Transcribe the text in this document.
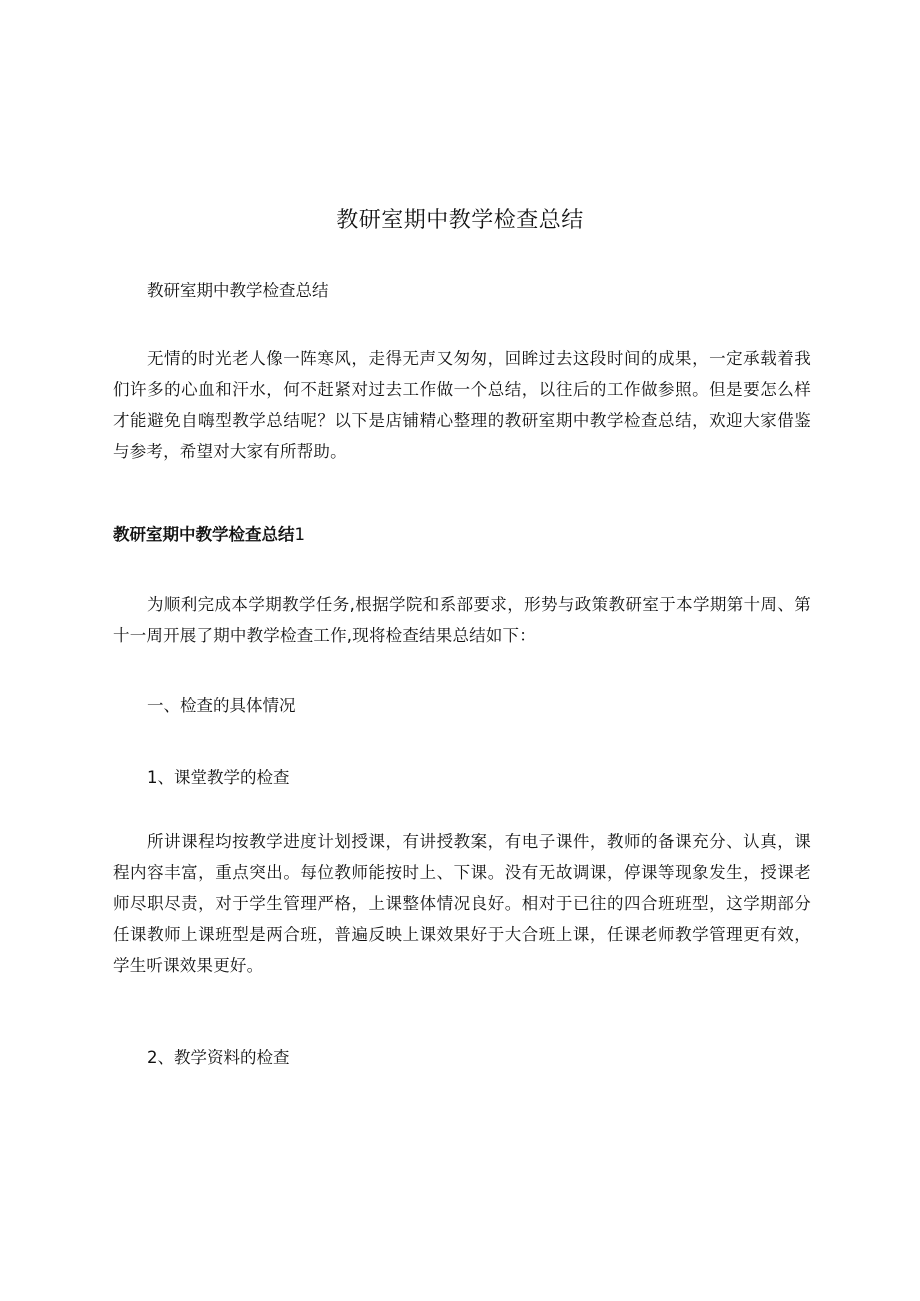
教研室期中教学检查总结

教研室期中教学检查总结

无情的时光老人像一阵寒风，走得无声又匆匆，回眸过去这段时间的成果，一定承载着我们许多的心血和汗水，何不赶紧对过去工作做一个总结，以往后的工作做参照。但是要怎么样才能避免自嗨型教学总结呢？以下是店铺精心整理的教研室期中教学检查总结，欢迎大家借鉴与参考，希望对大家有所帮助。

教研室期中教学检查总结1

为顺利完成本学期教学任务,根据学院和系部要求，形势与政策教研室于本学期第十周、第十一周开展了期中教学检查工作,现将检查结果总结如下：

一、检查的具体情况

1、课堂教学的检查

所讲课程均按教学进度计划授课，有讲授教案，有电子课件，教师的备课充分、认真，课程内容丰富，重点突出。每位教师能按时上、下课。没有无故调课，停课等现象发生，授课老师尽职尽责，对于学生管理严格，上课整体情况良好。相对于已往的四合班班型，这学期部分任课教师上课班型是两合班，普遍反映上课效果好于大合班上课，任课老师教学管理更有效，学生听课效果更好。

2、教学资料的检查
